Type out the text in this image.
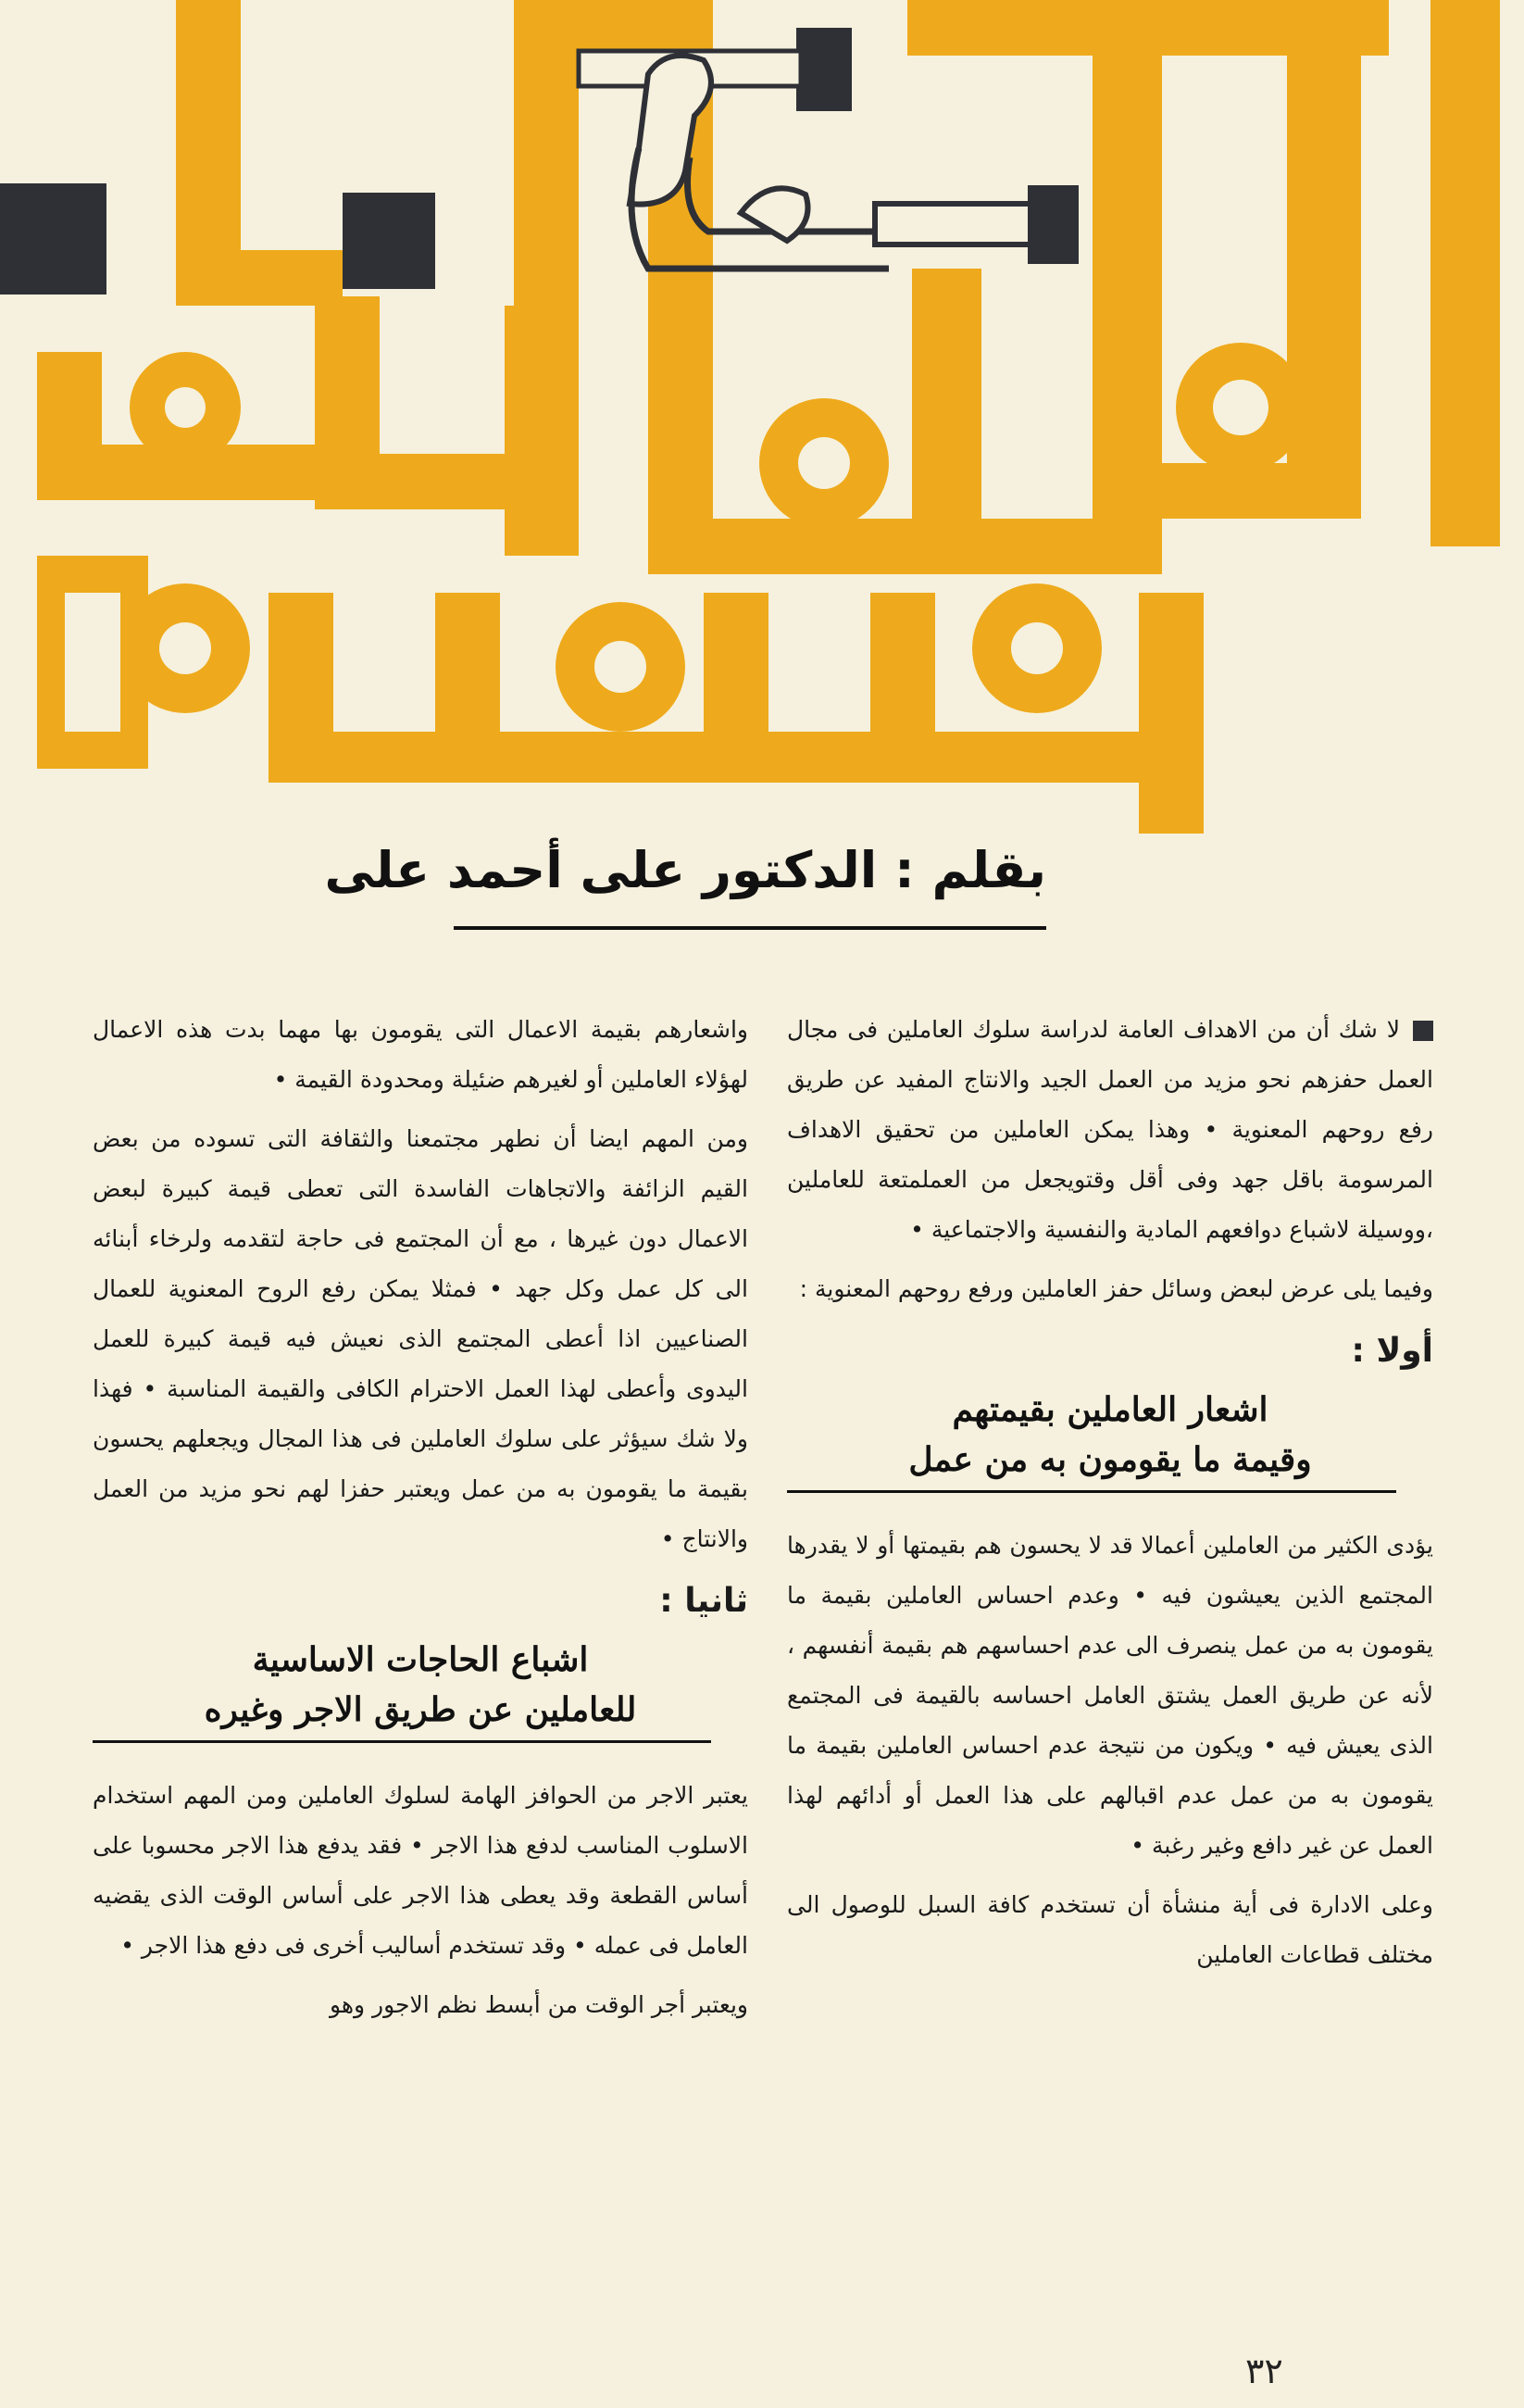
بقلم : الدكتور على أحمد على

لا شك أن من الاهداف العامة لدراسة سلوك العاملين فى مجال العمل حفزهم نحو مزيد من العمل الجيد والانتاج المفيد عن طريق رفع روحهم المعنوية • وهذا يمكن العاملين من تحقيق الاهداف المرسومة باقل جهد وفى أقل وقتويجعل من العملمتعة للعاملين ،ووسيلة لاشباع دوافعهم المادية والنفسية والاجتماعية •

وفيما يلى عرض لبعض وسائل حفز العاملين ورفع روحهم المعنوية :

أولا :
اشعار العاملين بقيمتهم
وقيمة ما يقومون به من عمل

يؤدى الكثير من العاملين أعمالا قد لا يحسون هم بقيمتها أو لا يقدرها المجتمع الذين يعيشون فيه • وعدم احساس العاملين بقيمة ما يقومون به من عمل ينصرف الى عدم احساسهم هم بقيمة أنفسهم ، لأنه عن طريق العمل يشتق العامل احساسه بالقيمة فى المجتمع الذى يعيش فيه • ويكون من نتيجة عدم احساس العاملين بقيمة ما يقومون به من عمل عدم اقبالهم على هذا العمل أو أدائهم لهذا العمل عن غير دافع وغير رغبة •

وعلى الادارة فى أية منشأة أن تستخدم كافة السبل للوصول الى مختلف قطاعات العاملين

واشعارهم بقيمة الاعمال التى يقومون بها مهما بدت هذه الاعمال لهؤلاء العاملين أو لغيرهم ضئيلة ومحدودة القيمة •

ومن المهم ايضا أن نطهر مجتمعنا والثقافة التى تسوده من بعض القيم الزائفة والاتجاهات الفاسدة التى تعطى قيمة كبيرة لبعض الاعمال دون غيرها ، مع أن المجتمع فى حاجة لتقدمه ولرخاء أبنائه الى كل عمل وكل جهد • فمثلا يمكن رفع الروح المعنوية للعمال الصناعيين اذا أعطى المجتمع الذى نعيش فيه قيمة كبيرة للعمل اليدوى وأعطى لهذا العمل الاحترام الكافى والقيمة المناسبة • فهذا ولا شك سيؤثر على سلوك العاملين فى هذا المجال ويجعلهم يحسون بقيمة ما يقومون به من عمل ويعتبر حفزا لهم نحو مزيد من العمل والانتاج •

ثانيا :
اشباع الحاجات الاساسية
للعاملين عن طريق الاجر وغيره

يعتبر الاجر من الحوافز الهامة لسلوك العاملين ومن المهم استخدام الاسلوب المناسب لدفع هذا الاجر • فقد يدفع هذا الاجر محسوبا على أساس القطعة وقد يعطى هذا الاجر على أساس الوقت الذى يقضيه العامل فى عمله • وقد تستخدم أساليب أخرى فى دفع هذا الاجر •

ويعتبر أجر الوقت من أبسط نظم الاجور وهو

٣٢
